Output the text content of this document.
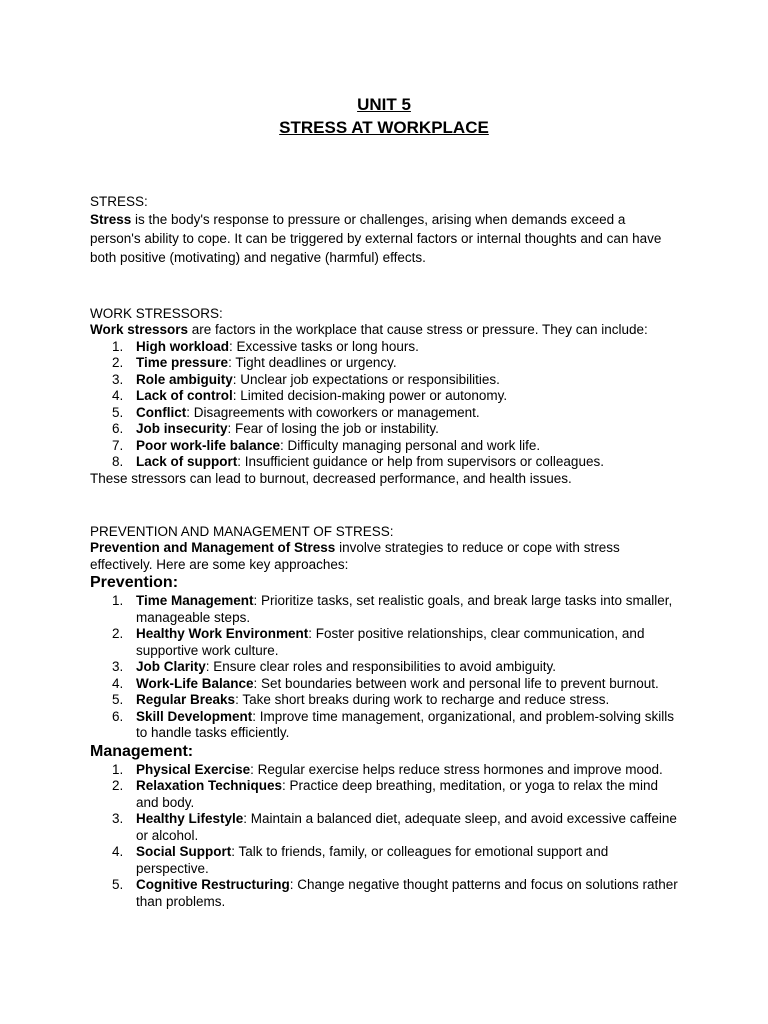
UNIT 5

STRESS AT WORKPLACE

STRESS:

Stress is the body's response to pressure or challenges, arising when demands exceed a person's ability to cope. It can be triggered by external factors or internal thoughts and can have both positive (motivating) and negative (harmful) effects.

WORK STRESSORS:

Work stressors are factors in the workplace that cause stress or pressure. They can include:

1. High workload: Excessive tasks or long hours.
2. Time pressure: Tight deadlines or urgency.
3. Role ambiguity: Unclear job expectations or responsibilities.
4. Lack of control: Limited decision-making power or autonomy.
5. Conflict: Disagreements with coworkers or management.
6. Job insecurity: Fear of losing the job or instability.
7. Poor work-life balance: Difficulty managing personal and work life.
8. Lack of support: Insufficient guidance or help from supervisors or colleagues.

These stressors can lead to burnout, decreased performance, and health issues.

PREVENTION AND MANAGEMENT OF STRESS:

Prevention and Management of Stress involve strategies to reduce or cope with stress effectively. Here are some key approaches:

Prevention:

1. Time Management: Prioritize tasks, set realistic goals, and break large tasks into smaller, manageable steps.
2. Healthy Work Environment: Foster positive relationships, clear communication, and supportive work culture.
3. Job Clarity: Ensure clear roles and responsibilities to avoid ambiguity.
4. Work-Life Balance: Set boundaries between work and personal life to prevent burnout.
5. Regular Breaks: Take short breaks during work to recharge and reduce stress.
6. Skill Development: Improve time management, organizational, and problem-solving skills to handle tasks efficiently.

Management:

1. Physical Exercise: Regular exercise helps reduce stress hormones and improve mood.
2. Relaxation Techniques: Practice deep breathing, meditation, or yoga to relax the mind and body.
3. Healthy Lifestyle: Maintain a balanced diet, adequate sleep, and avoid excessive caffeine or alcohol.
4. Social Support: Talk to friends, family, or colleagues for emotional support and perspective.
5. Cognitive Restructuring: Change negative thought patterns and focus on solutions rather than problems.
